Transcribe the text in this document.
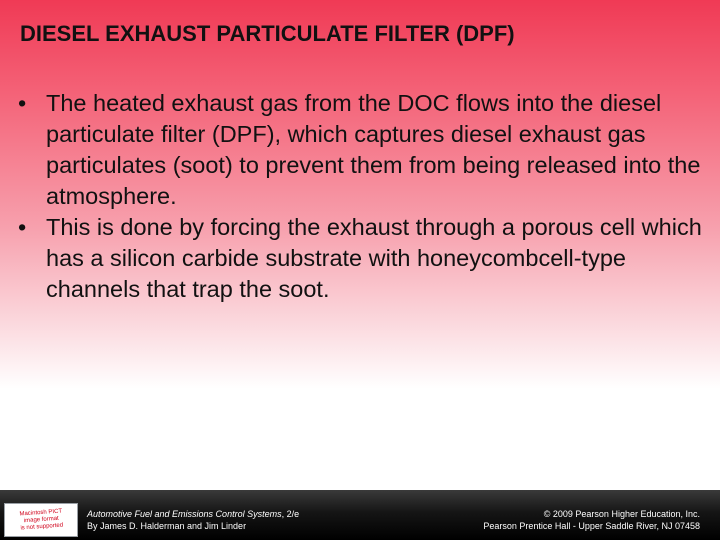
DIESEL EXHAUST PARTICULATE FILTER (DPF)
• The heated exhaust gas from the DOC flows into the diesel particulate filter (DPF), which captures diesel exhaust gas particulates (soot) to prevent them from being released into the atmosphere.
• This is done by forcing the exhaust through a porous cell which has a silicon carbide substrate with honeycombcell-type channels that trap the soot.
Macintosh PICT
image format
is not supported
Automotive Fuel and Emissions Control Systems, 2/e
By James D. Halderman and Jim Linder
© 2009 Pearson Higher Education, Inc.
Pearson Prentice Hall - Upper Saddle River, NJ 07458
